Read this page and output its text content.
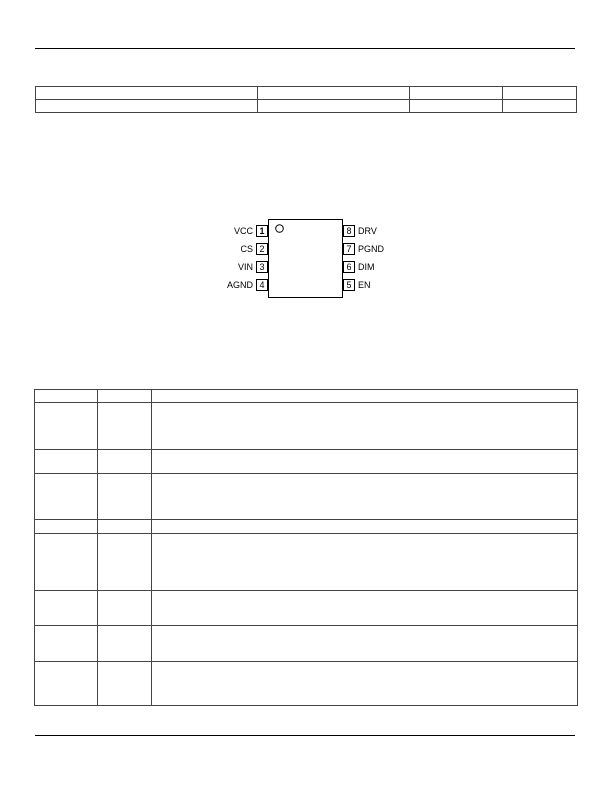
VCC 1
CS 2
VIN 3
AGND 4
8 DRV
7 PGND
6 DIM
5 EN
